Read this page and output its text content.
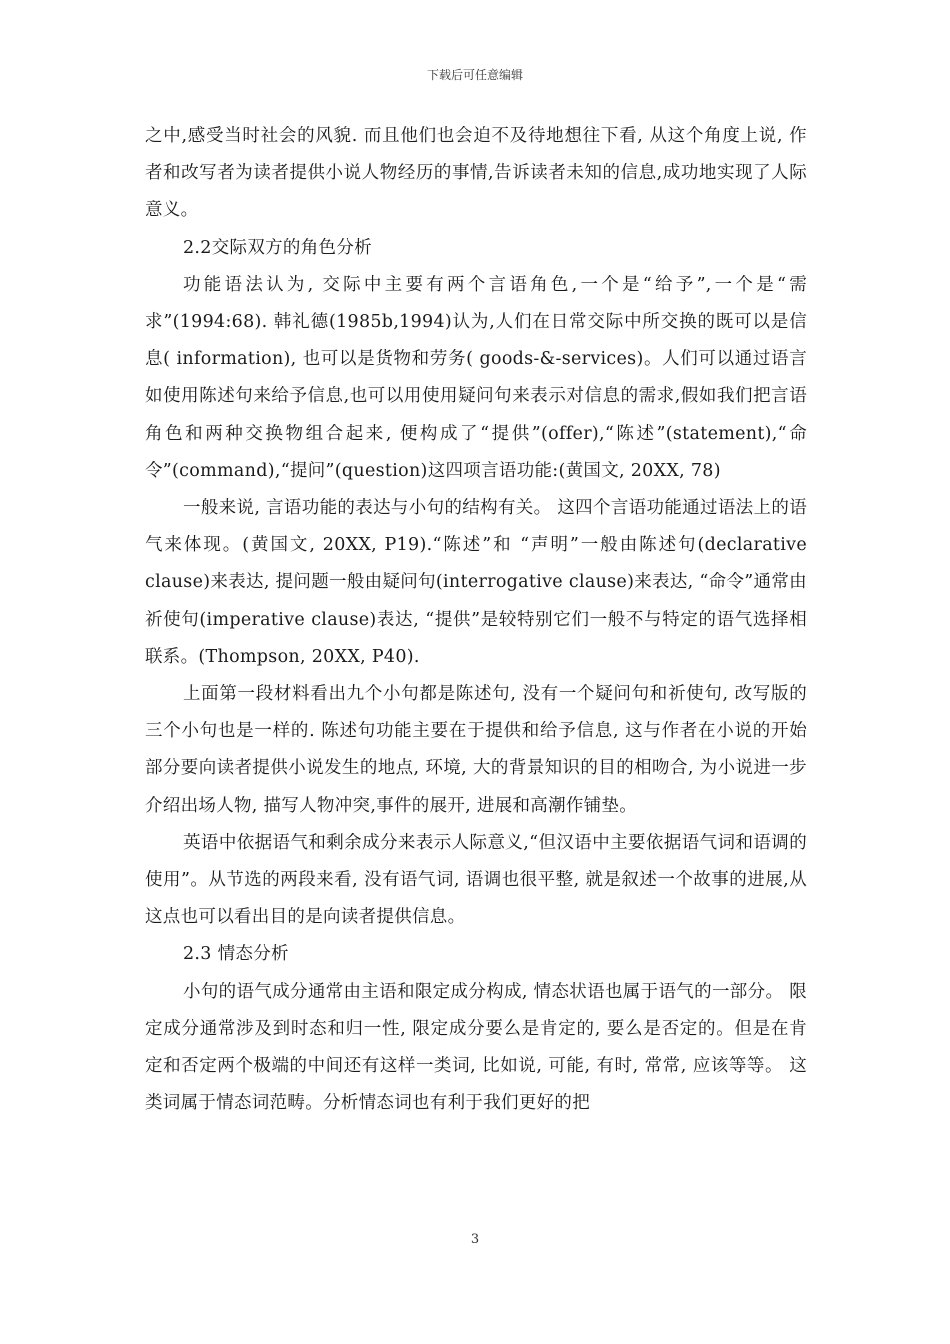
下载后可任意编辑

之中,感受当时社会的风貌. 而且他们也会迫不及待地想往下看, 从这个角度上说, 作者和改写者为读者提供小说人物经历的事情,告诉读者未知的信息,成功地实现了人际意义。

2.2交际双方的角色分析

功能语法认为, 交际中主要有两个言语角色,一个是“给予”,一个是“需求”(1994:68). 韩礼德(1985b,1994)认为,人们在日常交际中所交换的既可以是信息( information), 也可以是货物和劳务( goods-&-services)。人们可以通过语言如使用陈述句来给予信息,也可以用使用疑问句来表示对信息的需求,假如我们把言语角色和两种交换物组合起来, 便构成了“提供”(offer),“陈述”(statement),“命令”(command),“提问”(question)这四项言语功能:(黄国文, 20XX, 78)

一般来说, 言语功能的表达与小句的结构有关。 这四个言语功能通过语法上的语气来体现。(黄国文, 20XX, P19).“陈述”和 “声明”一般由陈述句(declarative clause)来表达, 提问题一般由疑问句(interrogative clause)来表达, “命令”通常由祈使句(imperative clause)表达, “提供”是较特别它们一般不与特定的语气选择相联系。(Thompson, 20XX, P40).

上面第一段材料看出九个小句都是陈述句, 没有一个疑问句和祈使句, 改写版的三个小句也是一样的. 陈述句功能主要在于提供和给予信息, 这与作者在小说的开始部分要向读者提供小说发生的地点, 环境, 大的背景知识的目的相吻合, 为小说进一步介绍出场人物, 描写人物冲突,事件的展开, 进展和高潮作铺垫。

英语中依据语气和剩余成分来表示人际意义,“但汉语中主要依据语气词和语调的使用”。从节选的两段来看, 没有语气词, 语调也很平整, 就是叙述一个故事的进展,从这点也可以看出目的是向读者提供信息。

2.3 情态分析

小句的语气成分通常由主语和限定成分构成, 情态状语也属于语气的一部分。 限定成分通常涉及到时态和归一性, 限定成分要么是肯定的, 要么是否定的。但是在肯定和否定两个极端的中间还有这样一类词, 比如说, 可能, 有时, 常常, 应该等等。 这类词属于情态词范畴。分析情态词也有利于我们更好的把

3
